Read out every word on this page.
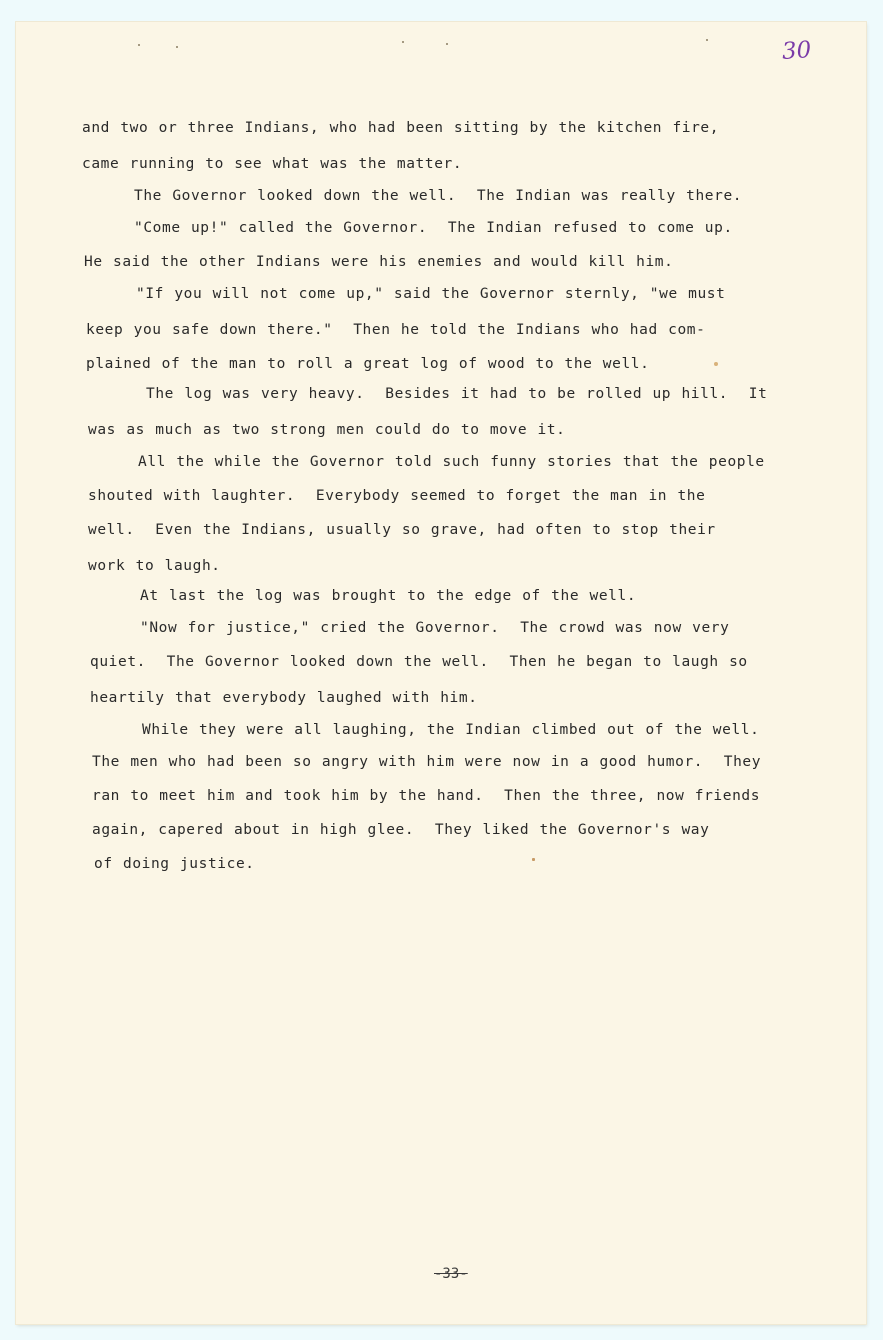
30
and two or three Indians, who had been sitting by the kitchen fire,
came running to see what was the matter.
The Governor looked down the well.  The Indian was really there.
"Come up!" called the Governor.  The Indian refused to come up.
He said the other Indians were his enemies and would kill him.
"If you will not come up," said the Governor sternly, "we must
keep you safe down there."  Then he told the Indians who had com-
plained of the man to roll a great log of wood to the well.
The log was very heavy.  Besides it had to be rolled up hill.  It
was as much as two strong men could do to move it.
All the while the Governor told such funny stories that the people
shouted with laughter.  Everybody seemed to forget the man in the
well.  Even the Indians, usually so grave, had often to stop their
work to laugh.
At last the log was brought to the edge of the well.
"Now for justice," cried the Governor.  The crowd was now very
quiet.  The Governor looked down the well.  Then he began to laugh so
heartily that everybody laughed with him.
While they were all laughing, the Indian climbed out of the well.
The men who had been so angry with him were now in a good humor.  They
ran to meet him and took him by the hand.  Then the three, now friends
again, capered about in high glee.  They liked the Governor's way
of doing justice.
-33-
